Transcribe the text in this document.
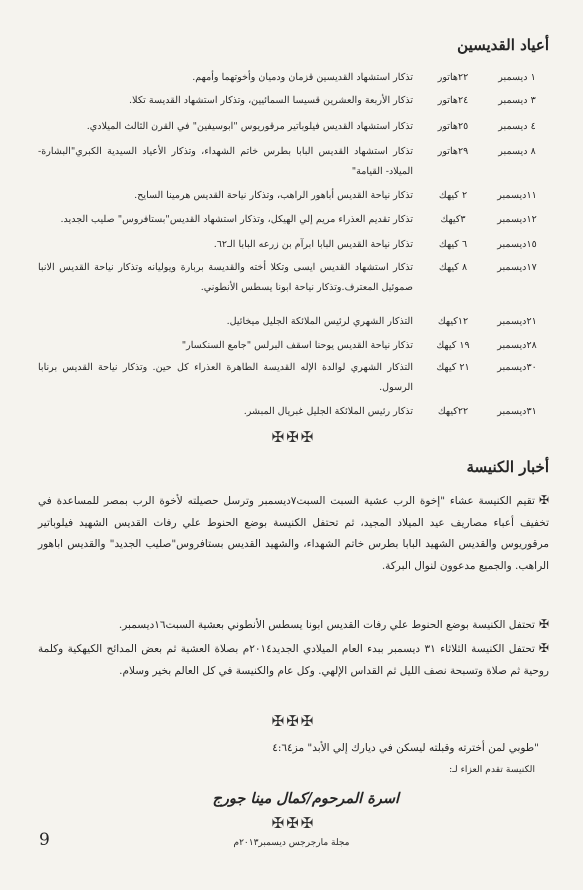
أعياد القديسين
١ ديسمبر
٢٢هاتور
تذكار استشهاد القديسين قزمان ودميان وأخوتهما وأمهم.
٣ ديسمبر
٢٤هاتور
تذكار الأربعة والعشرين قسيسا السمائيين، وتذكار استشهاد القديسة تكلا.
٤ ديسمبر
٢٥هاتور
تذكار استشهاد القديس فيلوباتير مرقوريوس "ابوسيفين" في القرن الثالث الميلادي.
٨ ديسمبر
٢٩هاتور
تذكار استشهاد القديس البابا بطرس خاتم الشهداء، وتذكار الأعياد السيدية الكبري"البشارة- الميلاد- القيامة"
١١ديسمبر
٢ كيهك
تذكار نياحة القديس أباهور الراهب، وتذكار نياحة القديس هرمينا السايح.
١٢ديسمبر
٣كيهك
تذكار تقديم العذراء مريم إلي الهيكل، وتذكار استشهاد القديس"بستافروس" صليب الجديد.
١٥ديسمبر
٦ كيهك
تذكار نياحة القديس البابا ابرآم بن زرعه البابا الـ٦٢.
١٧ديسمبر
٨ كيهك
تذكار استشهاد القديس ايسى وتكلا أخته والقديسة بربارة ويوليانه وتذكار نياحة القديس الانبا صموئيل المعترف.وتذكار نياحة ابونا يسطس الأنطوني.
٢١ديسمبر
١٢كيهك
التذكار الشهري لرئيس الملائكة الجليل ميخائيل.
٢٨ديسمبر
١٩ كيهك
تذكار نياحة القديس يوحنا اسقف البرلس "جامع السنكسار"
٣٠ديسمبر
٢١ كيهك
التذكار الشهري لوالدة الإله القديسة الطاهرة العذراء كل حين. وتذكار نياحة القديس برنابا الرسول.
٣١ديسمبر
٢٢كيهك
تذكار رئيس الملائكة الجليل غبريال المبشر.
✠✠✠
أخبار الكنيسة
✠تقيم الكنيسة عشاء "إخوة الرب عشية السبت السبت٧ديسمبر وترسل حصيلته لأخوة الرب بمصر للمساعدة في تخفيف أعباء مصاريف عيد الميلاد المجيد، ثم تحتفل الكنيسة بوضع الحنوط علي رفات القديس الشهيد فيلوباتير مرقوريوس والقديس الشهيد البابا بطرس خاتم الشهداء، والشهيد القديس بستافروس"صليب الجديد" والقديس اباهور الراهب. والجميع مدعوون لنوال البركة.
✠تحتفل الكنيسة بوضع الحنوط علي رفات القديس ابونا يسطس الأنطوني بعشية السبت١٦ديسمبر.
✠تحتفل الكنيسة الثلاثاء ٣١ ديسمبر ببدء العام الميلادي الجديد٢٠١٤م بصلاة العشية ثم بعض المدائح الكيهكية وكلمة روحية ثم صلاة وتسبحة نصف الليل ثم القداس الإلهي. وكل عام والكنيسة في كل العالم بخير وسلام.
✠✠✠
"طوبي لمن أخترته وقبلته ليسكن في ديارك إلي الأبد" مز٤:٦٤
الكنيسة تقدم العزاء لـ:
اسرة المرحوم/كمال مينا جورج
✠✠✠
مجلة مارجرجس ديسمبر٢٠١٣م
9
